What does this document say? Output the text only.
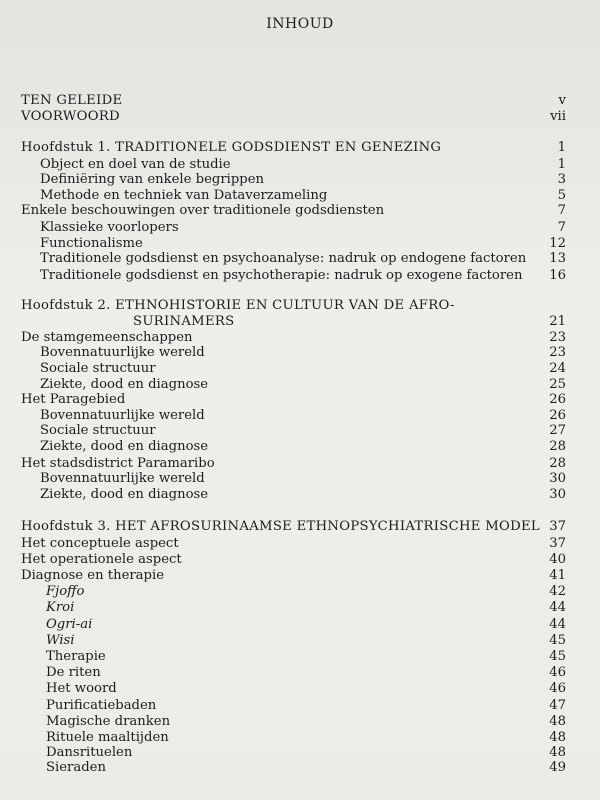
INHOUD
TEN GELEIDE	v
VOORWOORD	vii
Hoofdstuk 1. TRADITIONELE GODSDIENST EN GENEZING	1
Object en doel van de studie	1
Definiëring van enkele begrippen	3
Methode en techniek van Dataverzameling	5
Enkele beschouwingen over traditionele godsdiensten	7
Klassieke voorlopers	7
Functionalisme	12
Traditionele godsdienst en psychoanalyse: nadruk op endogene factoren	13
Traditionele godsdienst en psychotherapie: nadruk op exogene factoren	16
Hoofdstuk 2. ETHNOHISTORIE EN CULTUUR VAN DE AFRO-
SURINAMERS	21
De stamgemeenschappen	23
Bovennatuurlijke wereld	23
Sociale structuur	24
Ziekte, dood en diagnose	25
Het Paragebied	26
Bovennatuurlijke wereld	26
Sociale structuur	27
Ziekte, dood en diagnose	28
Het stadsdistrict Paramaribo	28
Bovennatuurlijke wereld	30
Ziekte, dood en diagnose	30
Hoofdstuk 3. HET AFROSURINAAMSE ETHNOPSYCHIATRISCHE MODEL 37
Het conceptuele aspect	37
Het operationele aspect	40
Diagnose en therapie	41
Fjoffo	42
Kroi	44
Ogri-ai	44
Wisi	45
Therapie	45
De riten	46
Het woord	46
Purificatiebaden	47
Magische dranken	48
Rituele maaltijden	48
Dansrituelen	48
Sieraden	49
